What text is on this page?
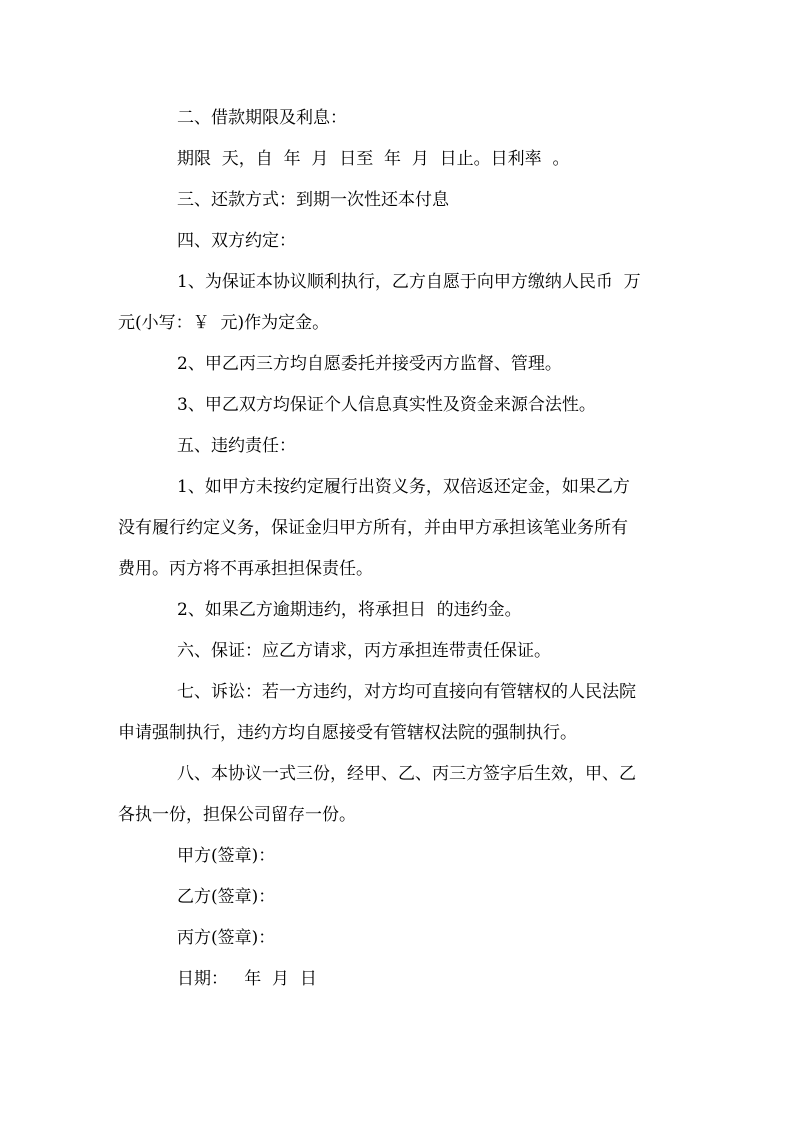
二、借款期限及利息：
期限  天，自  年  月  日至  年  月  日止。日利率  。
三、还款方式：到期一次性还本付息
四、双方约定：
1、为保证本协议顺利执行，乙方自愿于向甲方缴纳人民币  万
元(小写：￥  元)作为定金。
2、甲乙丙三方均自愿委托并接受丙方监督、管理。
3、甲乙双方均保证个人信息真实性及资金来源合法性。
五、违约责任：
1、如甲方未按约定履行出资义务，双倍返还定金，如果乙方
没有履行约定义务，保证金归甲方所有，并由甲方承担该笔业务所有
费用。丙方将不再承担担保责任。
2、如果乙方逾期违约，将承担日  的违约金。
六、保证：应乙方请求，丙方承担连带责任保证。
七、诉讼：若一方违约，对方均可直接向有管辖权的人民法院
申请强制执行，违约方均自愿接受有管辖权法院的强制执行。
八、本协议一式三份，经甲、乙、丙三方签字后生效，甲、乙
各执一份，担保公司留存一份。
甲方(签章)：
乙方(签章)：
丙方(签章)：
日期：   年  月  日
